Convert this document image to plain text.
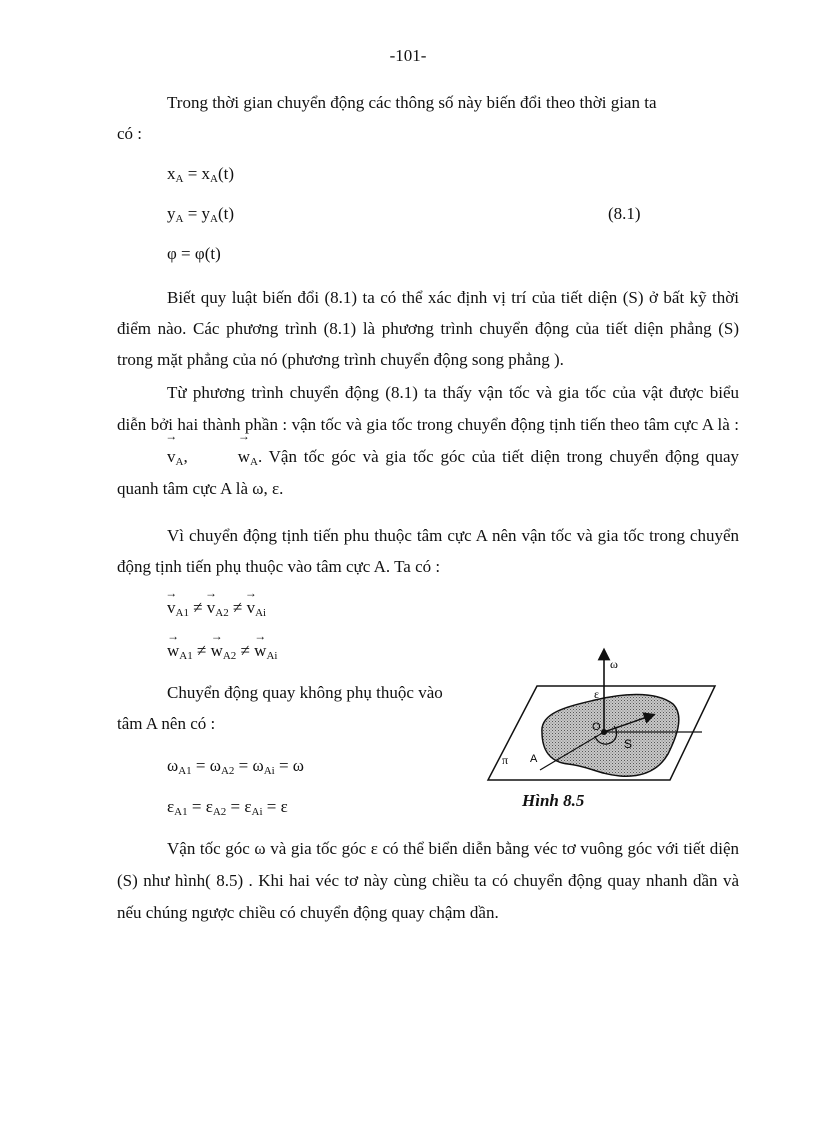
-101-
Trong thời gian chuyển động các thông số này biến đổi theo thời gian ta
có :
$x_A = x_A(t)$
$y_A = y_A(t)$	(8.1)
φ = φ(t)

Biết quy luật biến đổi (8.1) ta có thể xác định vị trí của tiết diện (S) ở bất kỹ thời điểm nào. Các phương trình (8.1) là phương trình chuyển động của tiết diện phẳng (S) trong mặt phẳng của nó (phương trình chuyển động song phẳng ).

Từ phương trình chuyển động (8.1) ta thấy vận tốc và gia tốc của vật được biểu diễn bởi hai thành phần : vận tốc và gia tốc trong chuyển động tịnh tiến theo tâm cực A là : → $v_A,\to$	$w_A$. Vận tốc góc và gia tốc góc của tiết diện trong chuyển động quay quanh tâm cực A là ω, ε.

Vì chuyển động tịnh tiến phu thuộc tâm cực A nên vận tốc và gia tốc trong chuyển động tịnh tiến phụ thuộc vào tâm cực A. Ta có :

→ $v_{A1}$ ≠ → $v_{A2}$ ≠ → $v_{Ai}$
→ $w_{A1}$ ≠ → $w_{A2}$ ≠ → $w_{Ai}$
Chuyển động quay không phụ thuộc vào
tâm A nên có :
$\omega_{A1} = \omega_{A2} = \omega_{Ai} = \omega$
$\varepsilon_{A1} = \varepsilon_{A2} = \varepsilon_{Ai} = \varepsilon$
ω
ε
O
S
π A
Hình 8.5

Vận tốc góc ω và gia tốc góc ε có thể biển diễn bằng véc tơ vuông góc với tiết diện (S) như hình( 8.5) . Khi hai véc tơ này cùng chiều ta có chuyển động quay nhanh dần và nếu chúng ngược chiều có chuyển động quay chậm dần.
